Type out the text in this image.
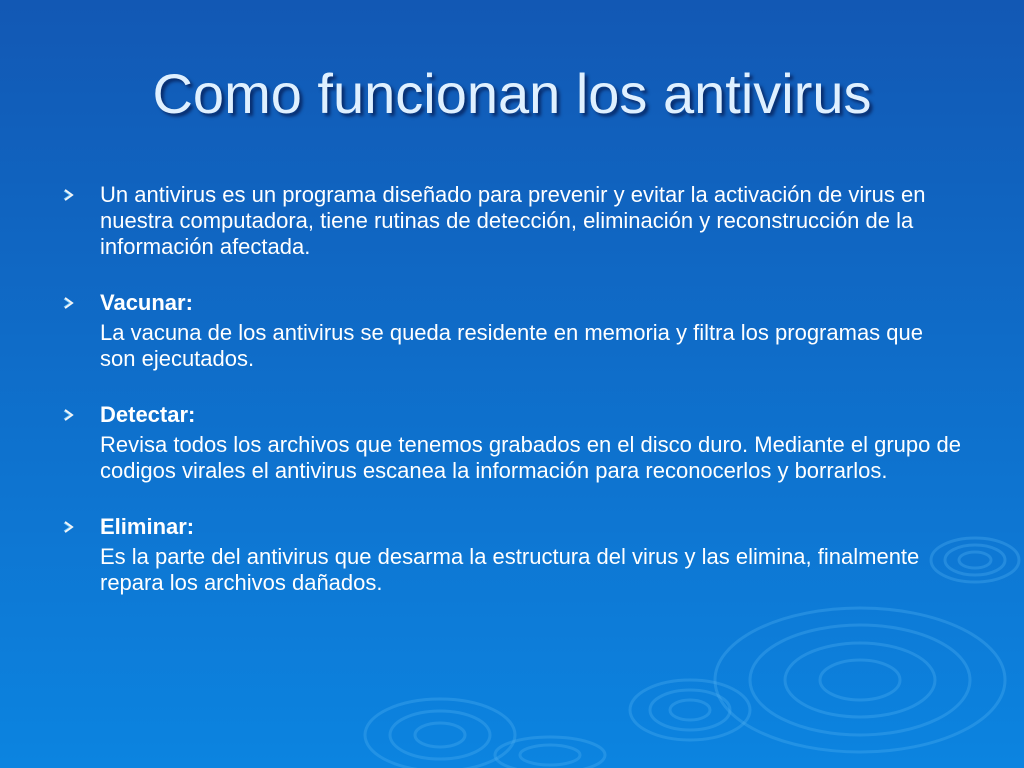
Como funcionan los antivirus
Un antivirus es un programa diseñado para prevenir y evitar la activación de virus en nuestra computadora, tiene rutinas de detección, eliminación y reconstrucción de la información afectada.
Vacunar:
La vacuna de los antivirus se queda residente en memoria y filtra los programas que son ejecutados.
Detectar:
Revisa todos los archivos que tenemos grabados en el disco duro. Mediante el grupo de codigos virales el antivirus escanea la información para reconocerlos y borrarlos.
Eliminar:
Es la parte del antivirus que desarma la estructura del virus y las elimina, finalmente repara los archivos dañados.
